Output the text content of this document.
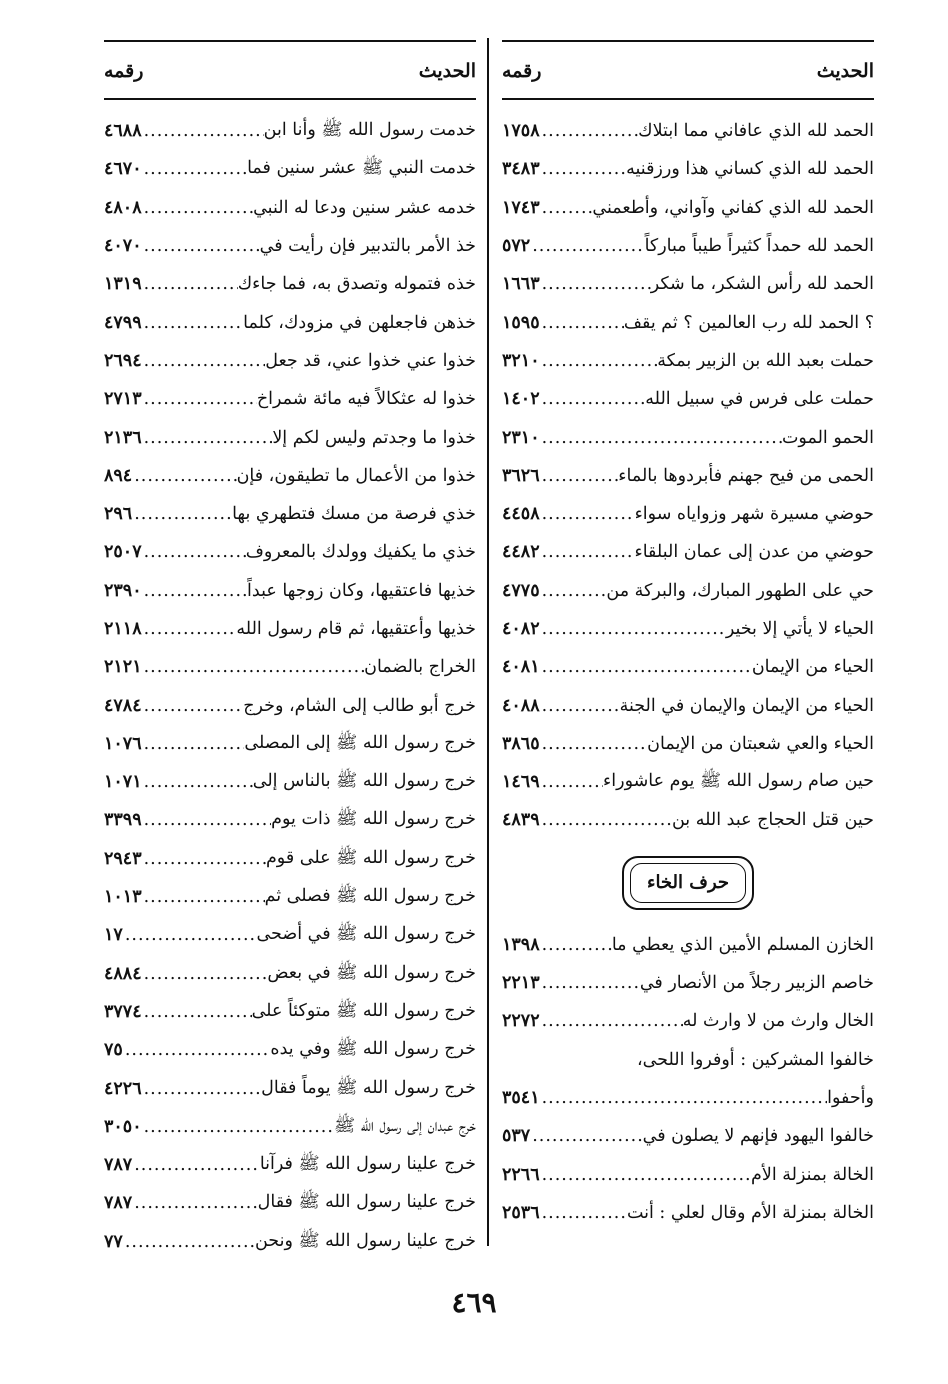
الحديث
رقمه
الحمد لله الذي عافاني مما ابتلاك
.....
١٧٥٨
الحمد لله الذي كساني هذا ورزقنيه
.....
٣٤٨٣
الحمد لله الذي كفاني وآواني، وأطعمني
.....
١٧٤٣
الحمد لله حمداً كثيراً طيباً مباركاً
.....
٥٧٢
الحمد لله رأس الشكر، ما شكر
.....
١٦٦٣
؟ الحمد لله رب العالمين ؟ ثم يقف
.....
١٥٩٥
حملت بعبد الله بن الزبير بمكة
.....
٣٢١٠
حملت على فرس في سبيل الله
.....
١٤٠٢
الحمو الموت
.....
٢٣١٠
الحمى من فيح جهنم فأبردوها بالماء
.....
٣٦٢٦
حوضي مسيرة شهر وزواياه سواء
.....
٤٤٥٨
حوضي من عدن إلى عمان البلقاء
.....
٤٤٨٢
حي على الطهور المبارك، والبركة من
.....
٤٧٧٥
الحياء لا يأتي إلا بخير
.....
٤٠٨٢
الحياء من الإيمان
.....
٤٠٨١
الحياء من الإيمان والإيمان في الجنة
.....
٤٠٨٨
الحياء والعي شعبتان من الإيمان
.....
٣٨٦٥
حين صام رسول الله ﷺ يوم عاشوراء
.....
١٤٦٩
حين قتل الحجاج عبد الله بن
.....
٤٨٣٩
حرف الخاء
الخازن المسلم الأمين الذي يعطي ما
.....
١٣٩٨
خاصم الزبير رجلاً من الأنصار في
.....
٢٢١٣
الخال وارث من لا وارث له
.....
٢٢٧٢
خالفوا المشركين : أوفروا اللحى،
وأحفوا
.....
٣٥٤١
خالفوا اليهود فإنهم لا يصلون في
.....
٥٣٧
الخالة بمنزلة الأم
.....
٢٢٦٦
الخالة بمنزلة الأم وقال لعلي : أنت
.....
٢٥٣٦
الحديث
رقمه
خدمت رسول الله ﷺ وأنا ابن
.....
٤٦٨٨
خدمت النبي ﷺ عشر سنين فما
.....
٤٦٧٠
خدمه عشر سنين ودعا له النبي
.....
٤٨٠٨
خذ الأمر بالتدبير فإن رأيت في
.....
٤٠٧٠
خذه فتموله وتصدق به، فما جاءك
.....
١٣١٩
خذهن فاجعلهن في مزودك، كلما
.....
٤٧٩٩
خذوا عني خذوا عني، قد جعل
.....
٢٦٩٤
خذوا له عثكالاً فيه مائة شمراخ
.....
٢٧١٣
خذوا ما وجدتم وليس لكم إلا
.....
٢١٣٦
خذوا من الأعمال ما تطيقون، فإن
.....
٨٩٤
خذي فرصة من مسك فتطهري بها
.....
٢٩٦
خذي ما يكفيك وولدك بالمعروف
.....
٢٥٠٧
خذيها فاعتقيها، وكان زوجها عبداً
.....
٢٣٩٠
خذيها وأعتقيها، ثم قام رسول الله
.....
٢١١٨
الخراج بالضمان
.....
٢١٢١
خرج أبو طالب إلى الشام، وخرج
.....
٤٧٨٤
خرج رسول الله ﷺ إلى المصلى
.....
١٠٧٦
خرج رسول الله ﷺ بالناس إلى
.....
١٠٧١
خرج رسول الله ﷺ ذات يوم
.....
٣٣٩٩
خرج رسول الله ﷺ على قوم
.....
٢٩٤٣
خرج رسول الله ﷺ فصلى ثم
.....
١٠١٣
خرج رسول الله ﷺ في أضحى
.....
١٧
خرج رسول الله ﷺ في بعض
.....
٤٨٨٤
خرج رسول الله ﷺ متوكئاً على
.....
٣٧٧٤
خرج رسول الله ﷺ وفي يده
.....
٧٥
خرج رسول الله ﷺ يوماً فقال
.....
٤٢٢٦
خرج عبدان إلى رسول الله ﷺ
.....
٣٠٥٠
خرج علينا رسول الله ﷺ فرآنا
.....
٧٨٧
خرج علينا رسول الله ﷺ فقال
.....
٧٨٧
خرج علينا رسول الله ﷺ ونحن
.....
٧٧
٤٦٩
